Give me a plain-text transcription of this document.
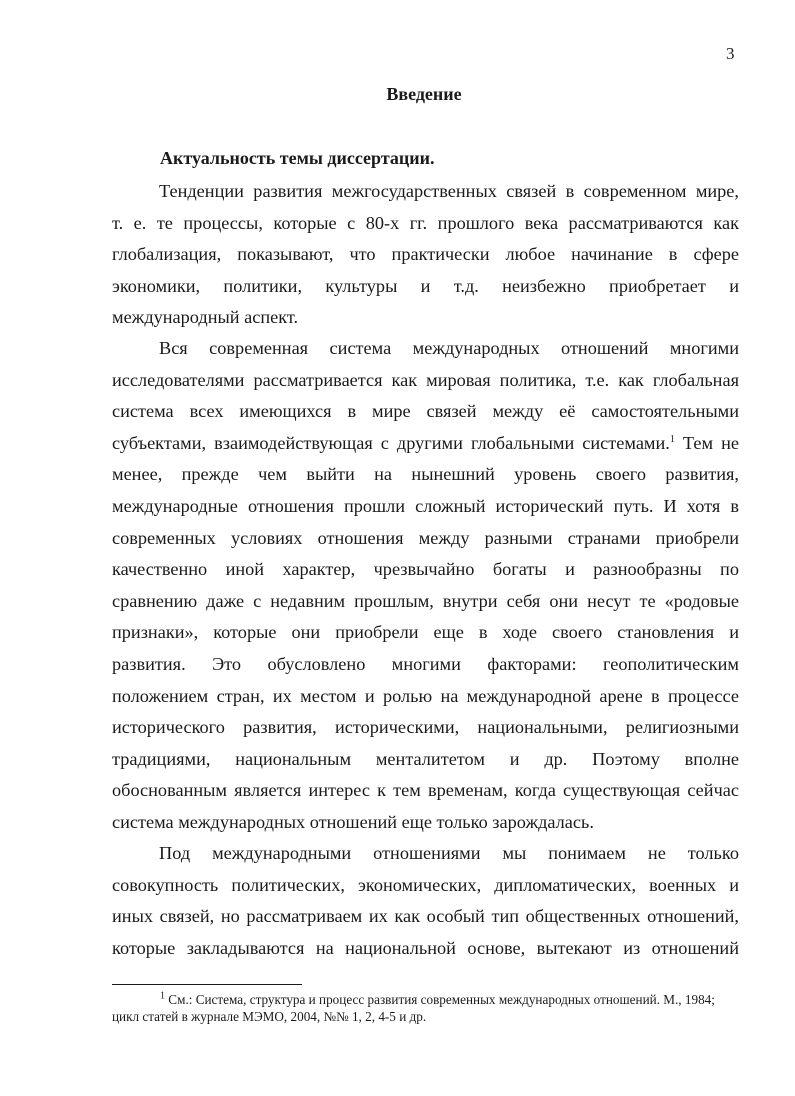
3
Введение
Актуальность темы диссертации.
Тенденции развития межгосударственных связей в современном мире,
т. е. те процессы, которые с 80-х гг. прошлого века рассматриваются как
глобализация, показывают, что практически любое начинание в сфере
экономики, политики, культуры и т.д. неизбежно приобретает и
международный аспект.
Вся современная система международных отношений многими
исследователями рассматривается как мировая политика, т.е. как глобальная
система всех имеющихся в мире связей между её самостоятельными
субъектами, взаимодействующая с другими глобальными системами.$^1$ Тем не
менее, прежде чем выйти на нынешний уровень своего развития,
международные отношения прошли сложный исторический путь. И хотя в
современных условиях отношения между разными странами приобрели
качественно иной характер, чрезвычайно богаты и разнообразны по
сравнению даже с недавним прошлым, внутри себя они несут те «родовые
признаки», которые они приобрели еще в ходе своего становления и
развития. Это обусловлено многими факторами: геополитическим
положением стран, их местом и ролью на международной арене в процессе
исторического развития, историческими, национальными, религиозными
традициями, национальным менталитетом и др. Поэтому вполне
обоснованным является интерес к тем временам, когда существующая сейчас
система международных отношений еще только зарождалась.
Под международными отношениями мы понимаем не только
совокупность политических, экономических, дипломатических, военных и
иных связей, но рассматриваем их как особый тип общественных отношений,
которые закладываются на национальной основе, вытекают из отношений
$^1$ См.: Система, структура и процесс развития современных международных отношений. М., 1984;
цикл статей в журнале МЭМО, 2004, №№ 1, 2, 4-5 и др.
